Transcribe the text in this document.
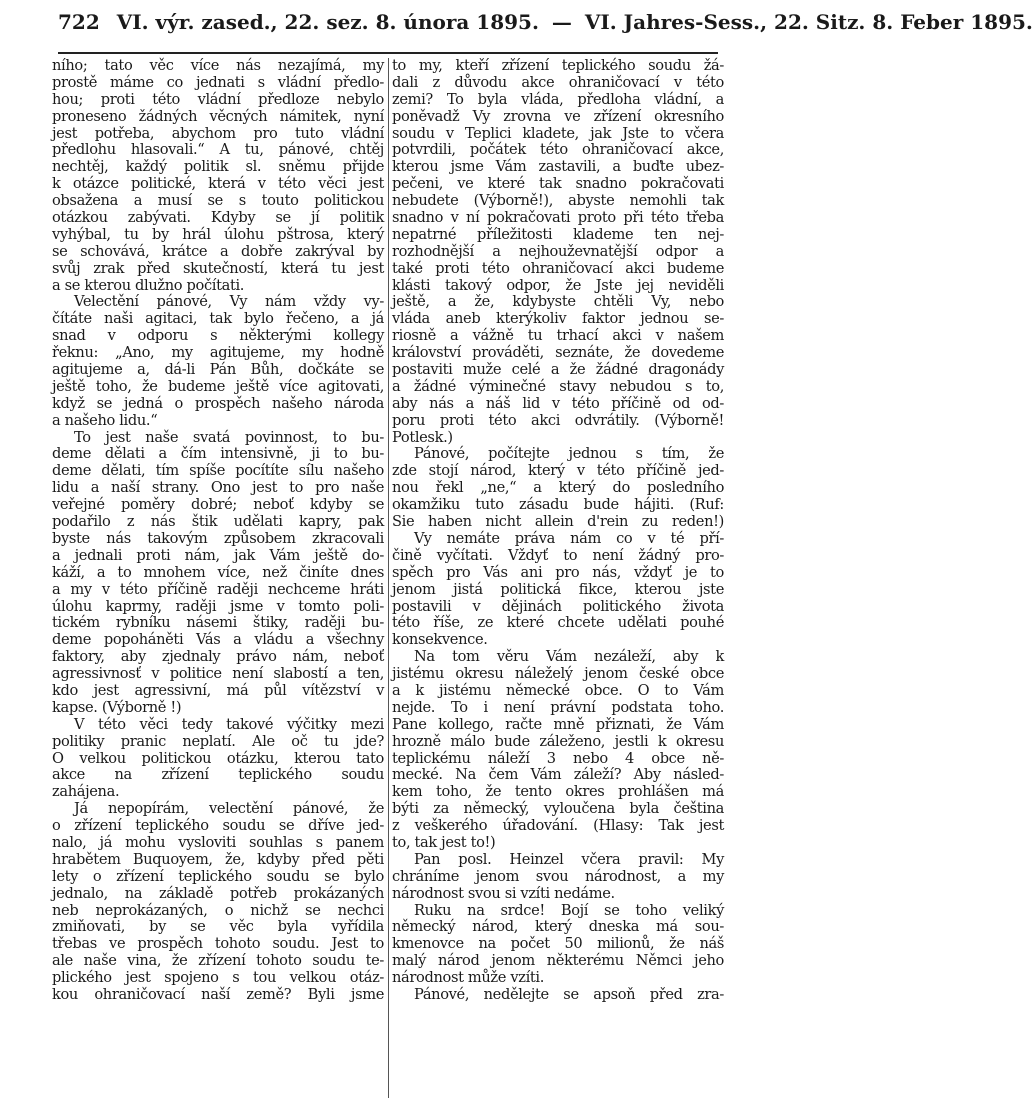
722 VI. výr. zased., 22. sez. 8. února 1895. — VI. Jahres-Sess., 22. Sitz. 8. Feber 1895.
ního; tato věc více nás nezajímá, my
prostě máme co jednati s vládní předlo-
hou; proti této vládní předloze nebylo
proneseno žádných věcných námitek, nyní
jest potřeba, abychom pro tuto vládní
předlohu hlasovali.“ A tu, pánové, chtěj
nechtěj, každý politik sl. sněmu přijde
k otázce politické, která v této věci jest
obsažena a musí se s touto politickou
otázkou zabývati. Kdyby se jí politik
vyhýbal, tu by hrál úlohu pštrosa, který
se schovává, krátce a dobře zakrýval by
svůj zrak před skutečností, která tu jest
a se kterou dlužno počítati.
Velectění pánové, Vy nám vždy vy-
čítáte naši agitaci, tak bylo řečeno, a já
snad v odporu s některými kollegy
řeknu: „Ano, my agitujeme, my hodně
agitujeme a, dá-li Pán Bůh, dočkáte se
ještě toho, že budeme ještě více agitovati,
když se jedná o prospěch našeho národa
a našeho lidu.“
To jest naše svatá povinnost, to bu-
deme dělati a čím intensivně, ji to bu-
deme dělati, tím spíše pocítíte sílu našeho
lidu a naší strany. Ono jest to pro naše
veřejné poměry dobré; neboť kdyby se
podařilo z nás štik udělati kapry, pak
byste nás takovým způsobem zkracovali
a jednali proti nám, jak Vám ještě do-
káží, a to mnohem více, než činíte dnes
a my v této příčině raději nechceme hráti
úlohu kaprmy, raději jsme v tomto poli-
tickém rybníku násemi štiky, raději bu-
deme popoháněti Vás a vládu a všechny
faktory, aby zjednaly právo nám, neboť
agressivnosť v politice není slabostí a ten,
kdo jest agressivní, má půl vítězství v
kapse. (Výborně !)
V této věci tedy takové výčitky mezi
politiky pranic neplatí. Ale oč tu jde?
O velkou politickou otázku, kterou tato
akce na zřízení teplického soudu
zahájena.
Já nepopírám, velectění pánové, že
o zřízení teplického soudu se dříve jed-
nalo, já mohu vysloviti souhlas s panem
hrabětem Buquoyem, že, kdyby před pěti
lety o zřízení teplického soudu se bylo
jednalo, na základě potřeb prokázaných
neb neprokázaných, o nichž se nechci
zmiňovati, by se věc byla vyřídila
třebas ve prospěch tohoto soudu. Jest to
ale naše vina, že zřízení tohoto soudu te-
plického jest spojeno s tou velkou otáz-
kou ohraničovací naší země? Byli jsme
to my, kteří zřízení teplického soudu žá-
dali z důvodu akce ohraničovací v této
zemi? To byla vláda, předloha vládní, a
poněvadž Vy zrovna ve zřízení okresního
soudu v Teplici kladete, jak Jste to včera
potvrdili, počátek této ohraničovací akce,
kterou jsme Vám zastavili, a buďte ubez-
pečeni, ve které tak snadno pokračovati
nebudete (Výborně!), abyste nemohli tak
snadno v ní pokračovati proto při této třeba
nepatrné příležitosti klademe ten nej-
rozhodnější a nejhouževnatější odpor a
také proti této ohraničovací akci budeme
klásti takový odpor, že Jste jej neviděli
ještě, a že, kdybyste chtěli Vy, nebo
vláda aneb kterýkoliv faktor jednou se-
riosně a vážně tu trhací akci v našem
království prováděti, seznáte, že dovedeme
postaviti muže celé a že žádné dragonády
a žádné výminečné stavy nebudou s to,
aby nás a náš lid v této příčině od od-
poru proti této akci odvrátily. (Výborně!
Potlesk.)
Pánové, počítejte jednou s tím, že
zde stojí národ, který v této příčině jed-
nou řekl „ne,“ a který do posledního
okamžiku tuto zásadu bude hájiti. (Ruf:
Sie haben nicht allein d'rein zu reden!)
Vy nemáte práva nám co v té pří-
čině vyčítati. Vždyť to není žádný pro-
spěch pro Vás ani pro nás, vždyť je to
jenom jistá politická fikce, kterou jste
postavili v dějinách politického života
této říše, ze které chcete udělati pouhé
konsekvence.
Na tom věru Vám nezáleží, aby k
jistému okresu náleželý jenom české obce
a k jistému německé obce. O to Vám
nejde. To i není právní podstata toho.
Pane kollego, račte mně přiznati, že Vám
hrozně málo bude záleženo, jestli k okresu
teplickému náleží 3 nebo 4 obce ně-
mecké. Na čem Vám záleží? Aby násled-
kem toho, že tento okres prohlášen má
býti za německý, vyloučena byla čeština
z veškerého úřadování. (Hlasy: Tak jest
to, tak jest to!)
Pan posl. Heinzel včera pravil: My
chráníme jenom svou národnost, a my
národnost svou si vzíti nedáme.
Ruku na srdce! Bojí se toho veliký
německý národ, který dneska má sou-
kmenovce na počet 50 milionů, že náš
malý národ jenom některému Němci jeho
národnost může vzíti.
Pánové, nedělejte se apsoň před zra-
